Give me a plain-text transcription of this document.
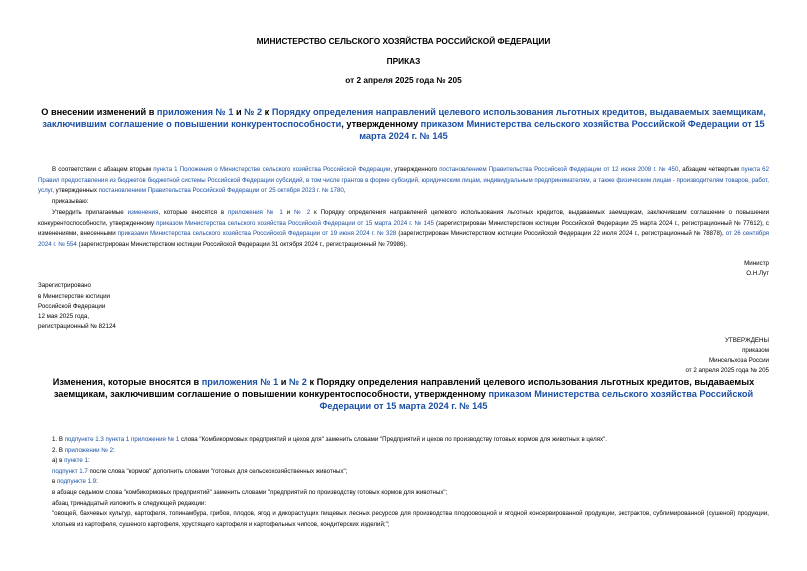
МИНИСТЕРСТВО СЕЛЬСКОГО ХОЗЯЙСТВА РОССИЙСКОЙ ФЕДЕРАЦИИ
ПРИКАЗ
от 2 апреля 2025 года № 205
О внесении изменений в приложения № 1 и № 2 к Порядку определения направлений целевого использования льготных кредитов, выдаваемых заемщикам, заключившим соглашение о повышении конкурентоспособности, утвержденному приказом Министерства сельского хозяйства Российской Федерации от 15 марта 2024 г. № 145

В соответствии с абзацем вторым пункта 1 Положения о Министерстве сельского хозяйства Российской Федерации, утвержденного постановлением Правительства Российской Федерации от 12 июня 2008 г. № 450, абзацем четвертым пункта 62 Правил предоставления из бюджетов бюджетной системы Российской Федерации субсидий, в том числе грантов в форме субсидий, юридическим лицам, индивидуальным предпринимателям, а также физическим лицам - производителям товаров, работ, услуг, утвержденных постановлением Правительства Российской Федерации от 25 октября 2023 г. № 1780,

приказываю:

Утвердить прилагаемые изменения, которые вносятся в приложения № 1 и № 2 к Порядку определения направлений целевого использования льготных кредитов, выдаваемых заемщикам, заключившим соглашение о повышении конкурентоспособности, утвержденному приказом Министерства сельского хозяйства Российской Федерации от 15 марта 2024 г. № 145 (зарегистрирован Министерством юстиции Российской Федерации 25 марта 2024 г., регистрационный № 77612), с изменениями, внесенными приказами Министерства сельского хозяйства Российской Федерации от 19 июня 2024 г. № 328 (зарегистрирован Министерством юстиции Российской Федерации 22 июля 2024 г., регистрационный № 78878), от 26 сентября 2024 г. № 554 (зарегистрирован Министерством юстиции Российской Федерации 31 октября 2024 г., регистрационный № 79986).

Министр
О.Н.Лут
Зарегистрировано
в Министерстве юстиции
Российской Федерации
12 мая 2025 года,
регистрационный № 82124
УТВЕРЖДЕНЫ
приказом
Минсельхоза России
от 2 апреля 2025 года № 205
Изменения, которые вносятся в приложения № 1 и № 2 к Порядку определения направлений целевого использования льготных кредитов, выдаваемых заемщикам, заключившим соглашение о повышении конкурентоспособности, утвержденному приказом Министерства сельского хозяйства Российской Федерации от 15 марта 2024 г. № 145

1. В подпункте 1.3 пункта 1 приложения № 1 слова "Комбикормовых предприятий и цехов для" заменить словами "Предприятий и цехов по производству готовых кормов для животных в целях".

2. В приложении № 2:

а) в пункте 1:

подпункт 1.7 после слова "кормов" дополнить словами "готовых для сельскохозяйственных животных";

в подпункте 1.9:

в абзаце седьмом слова "комбикормовых предприятий" заменить словами "предприятий по производству готовых кормов для животных";

абзац тринадцатый изложить в следующей редакции:

"овощей, бахчевых культур, картофеля, топинамбура, грибов, плодов, ягод и дикорастущих пищевых лесных ресурсов для производства плодоовощной и ягодной консервированной продукции, экстрактов, сублимированной (сушеной) продукции, хлопьев из картофеля, сушеного картофеля, хрустящего картофеля и картофельных чипсов, кондитерских изделий;";
